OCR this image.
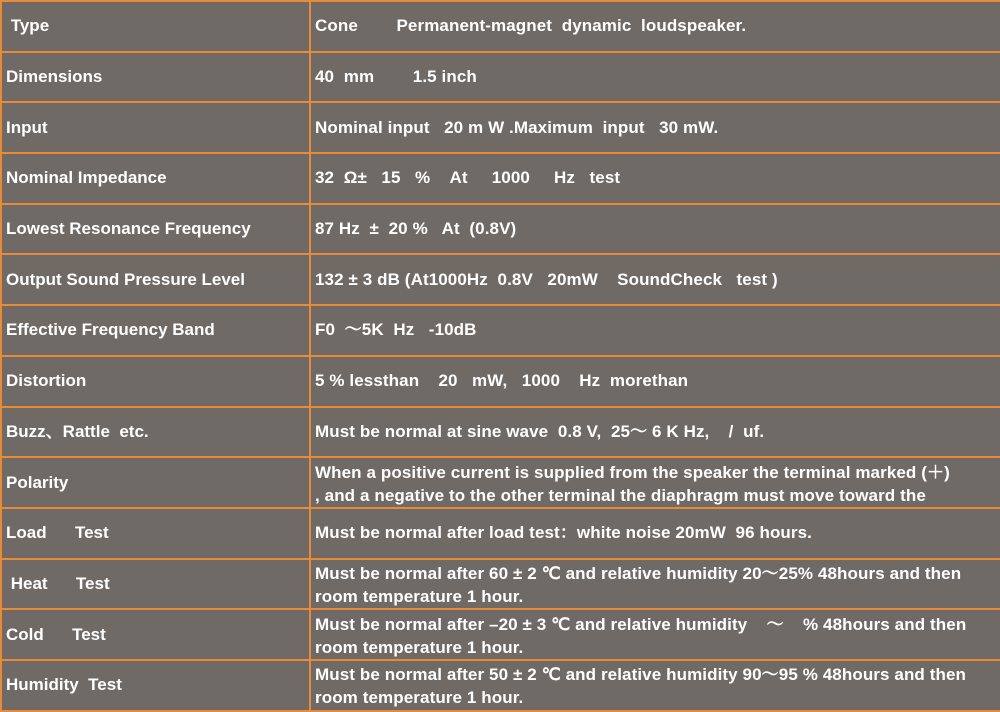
Type	Cone        Permanent-magnet  dynamic  loudspeaker.
Dimensions	40  mm        1.5 inch
Input	Nominal input   20 m W .Maximum  input   30 mW.
Nominal Impedance	32  Ω±   15   %    At     1000     Hz   test
Lowest Resonance Frequency	87 Hz  ±  20 %   At  (0.8V)
Output Sound Pressure Level	132 ± 3 dB (At1000Hz  0.8V   20mW    SoundCheck   test )
Effective Frequency Band	F0  ～5K  Hz   -10dB
Distortion	5 % lessthan    20   mW,   1000    Hz  morethan
Buzz、Rattle  etc.	Must be normal at sine wave  0.8 V,  25～ 6 K Hz,    /  uf.
Polarity	When a positive current is supplied from the speaker the terminal marked (＋)
, and a negative to the other terminal the diaphragm must move toward the
Load      Test	Must be normal after load test：white noise 20mW  96 hours.
Heat      Test	Must be normal after 60 ± 2 ℃ and relative humidity 20～25% 48hours and then
room temperature 1 hour.
Cold      Test	Must be normal after –20 ± 3 ℃ and relative humidity    ～    % 48hours and then
room temperature 1 hour.
Humidity  Test	Must be normal after 50 ± 2 ℃ and relative humidity 90～95 % 48hours and then
room temperature 1 hour.
